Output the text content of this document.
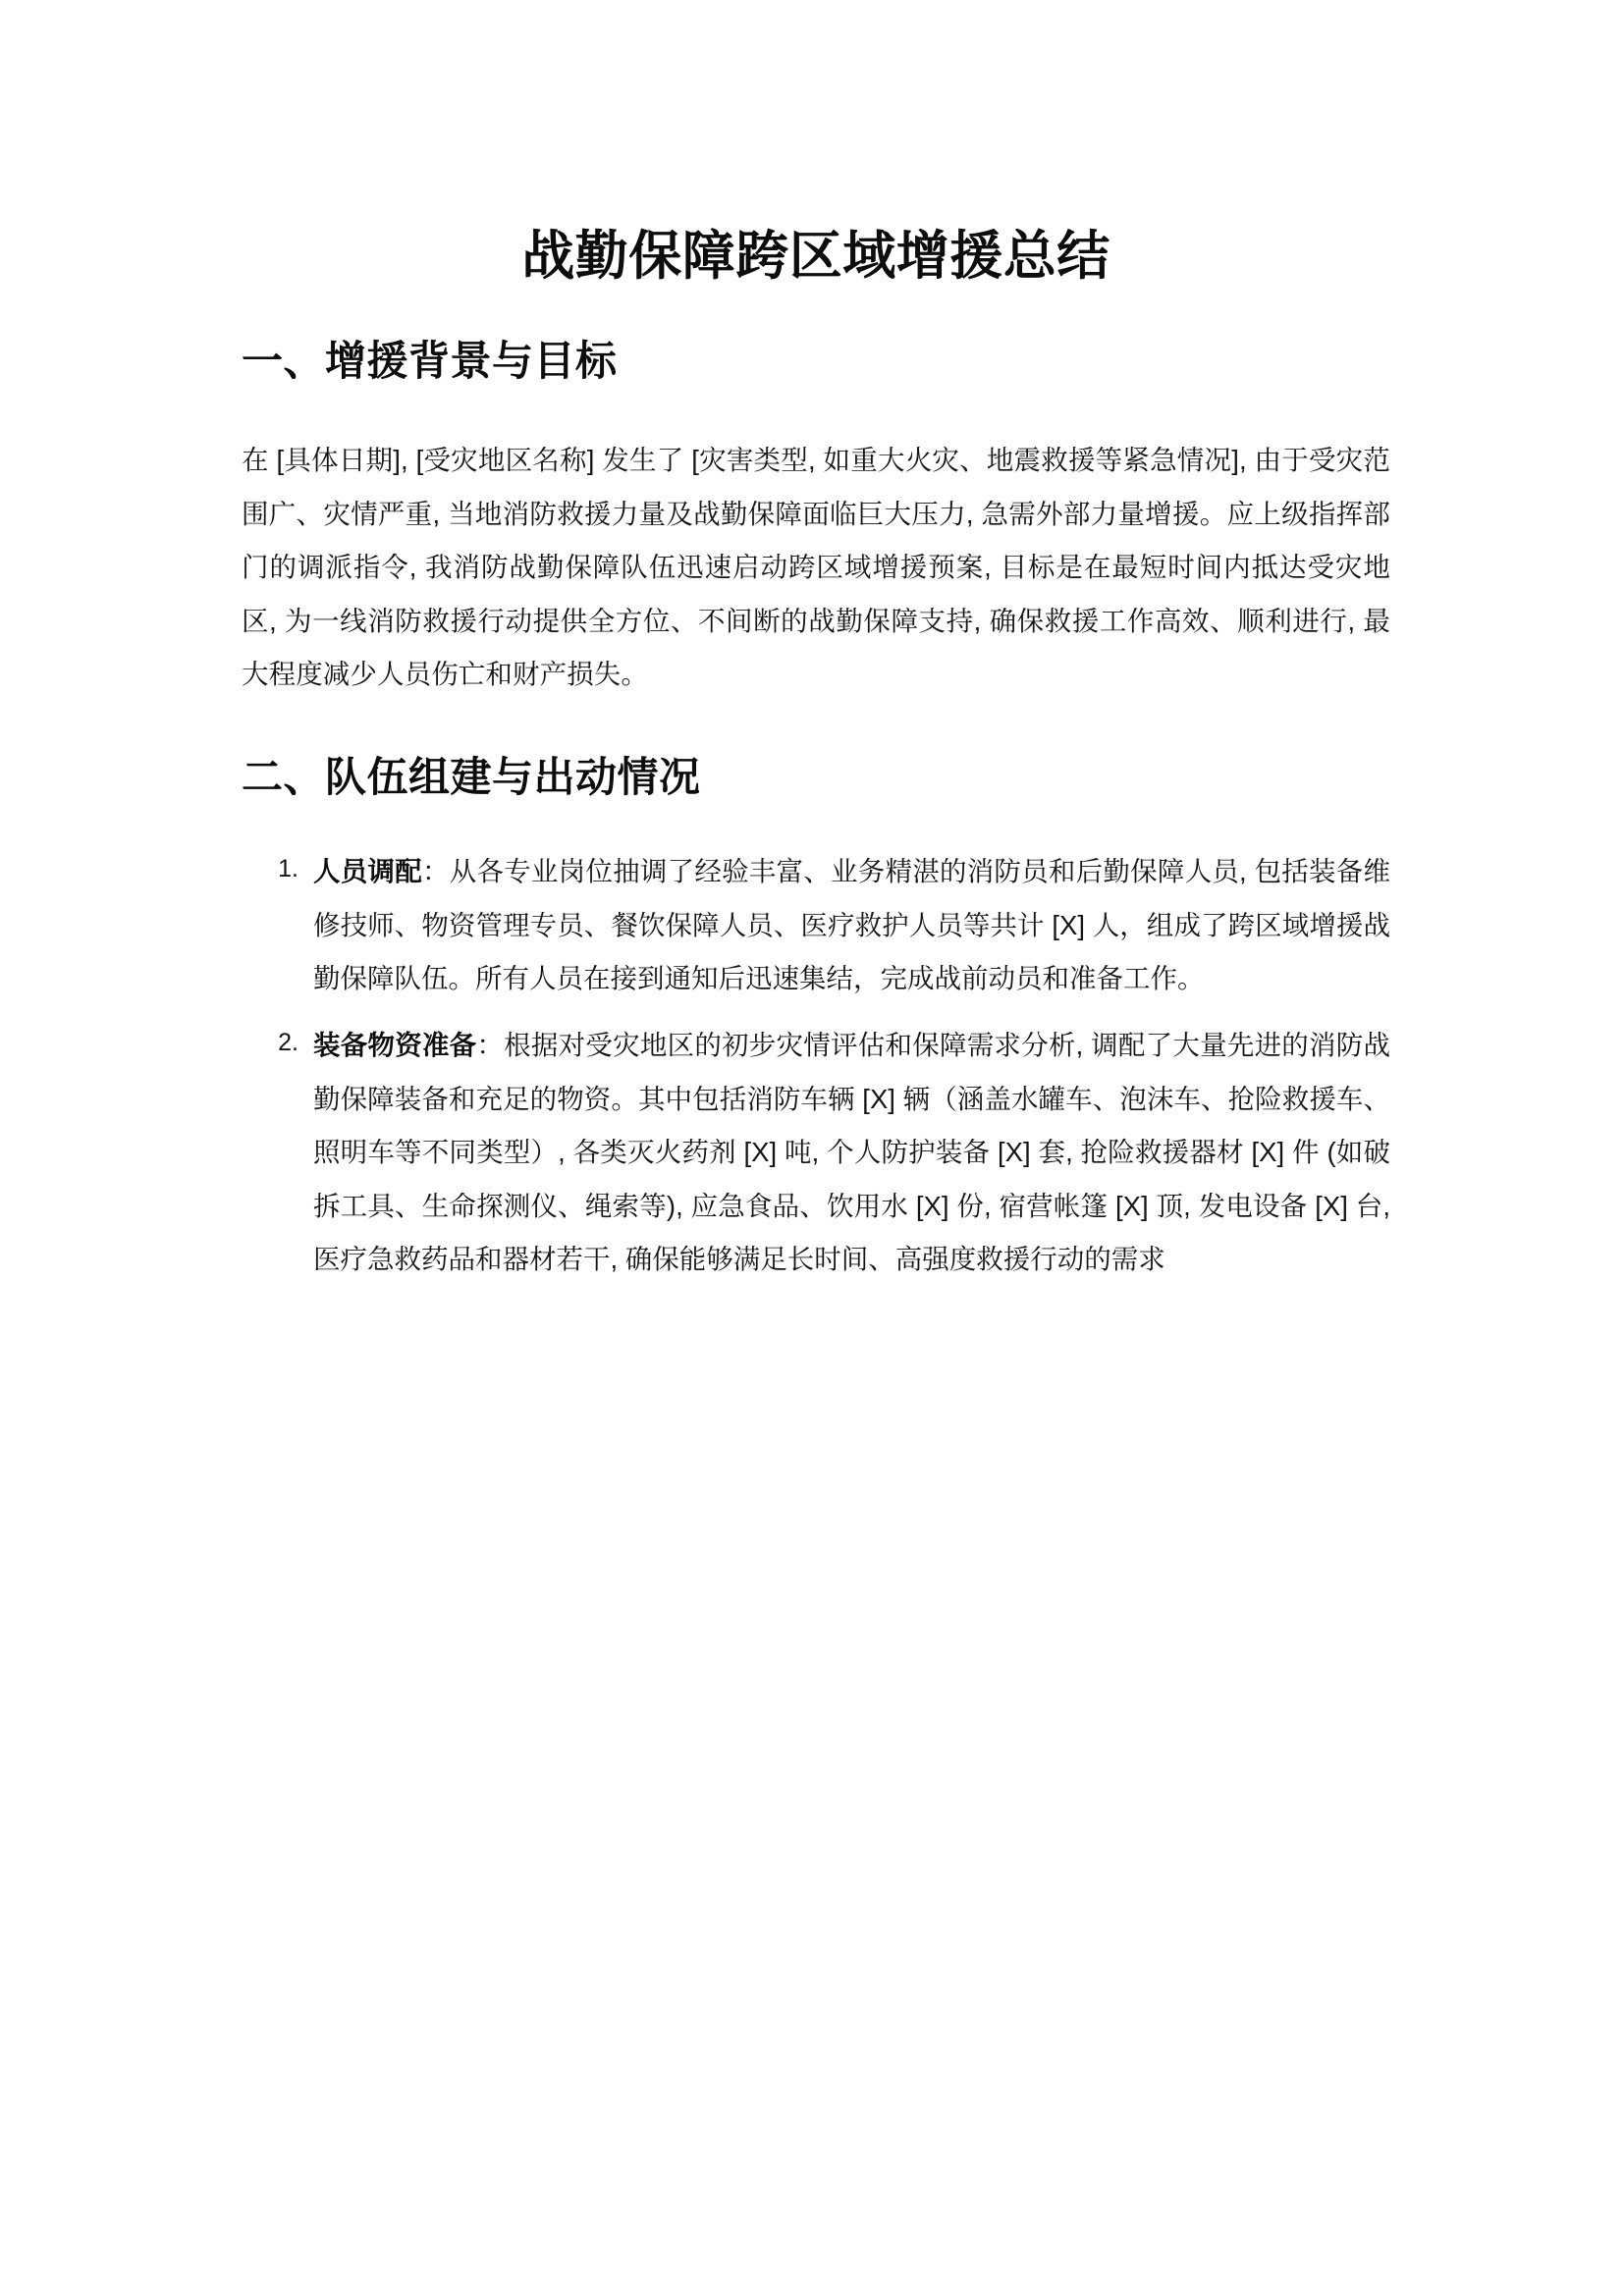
战勤保障跨区域增援总结
一、增援背景与目标

在 [具体日期], [受灾地区名称] 发生了 [灾害类型, 如重大火灾、地震救援等紧急情况], 由于受灾范围广、灾情严重, 当地消防救援力量及战勤保障面临巨大压力, 急需外部力量增援。应上级指挥部门的调派指令, 我消防战勤保障队伍迅速启动跨区域增援预案, 目标是在最短时间内抵达受灾地区, 为一线消防救援行动提供全方位、不间断的战勤保障支持, 确保救援工作高效、顺利进行, 最大程度减少人员伤亡和财产损失。

二、队伍组建与出动情况
人员调配：从各专业岗位抽调了经验丰富、业务精湛的消防员和后勤保障人员, 包括装备维修技师、物资管理专员、餐饮保障人员、医疗救护人员等共计 [X] 人，组成了跨区域增援战勤保障队伍。所有人员在接到通知后迅速集结，完成战前动员和准备工作。
装备物资准备：根据对受灾地区的初步灾情评估和保障需求分析, 调配了大量先进的消防战勤保障装备和充足的物资。其中包括消防车辆 [X] 辆（涵盖水罐车、泡沫车、抢险救援车、照明车等不同类型）, 各类灭火药剂 [X] 吨, 个人防护装备 [X] 套, 抢险救援器材 [X] 件 (如破拆工具、生命探测仪、绳索等), 应急食品、饮用水 [X] 份, 宿营帐篷 [X] 顶, 发电设备 [X] 台, 医疗急救药品和器材若干, 确保能够满足长时间、高强度救援行动的需求
